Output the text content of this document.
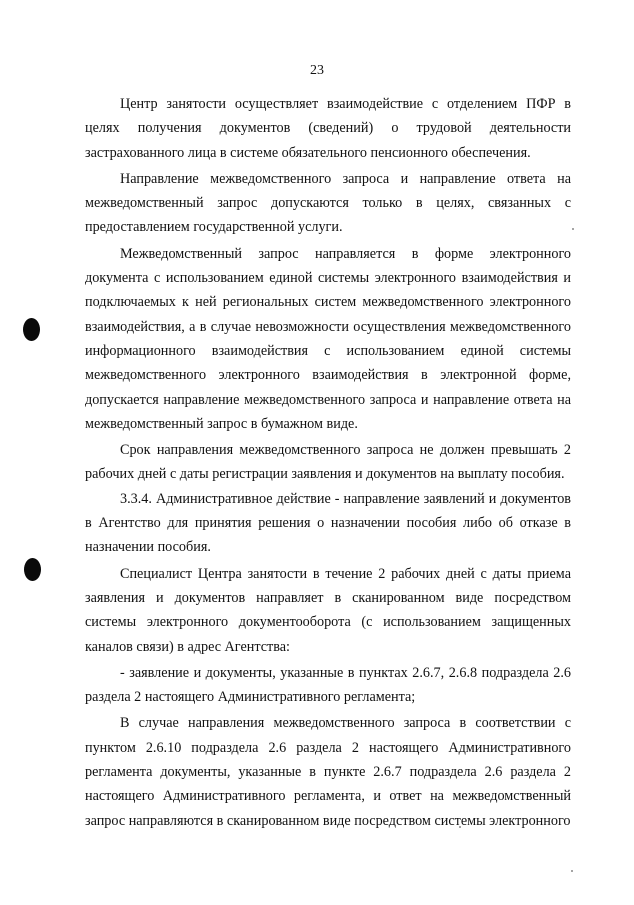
23

Центр занятости осуществляет взаимодействие с отделением ПФР в целях получения документов (сведений) о трудовой деятельности застрахованного лица в системе обязательного пенсионного обеспечения.

Направление межведомственного запроса и направление ответа на межведомственный запрос допускаются только в целях, связанных с предоставлением государственной услуги.

Межведомственный запрос направляется в форме электронного документа с использованием единой системы электронного взаимодействия и подключаемых к ней региональных систем межведомственного электронного взаимодействия, а в случае невозможности осуществления межведомственного информационного взаимодействия с использованием единой системы межведомственного электронного взаимодействия в электронной форме, допускается направление межведомственного запроса и направление ответа на межведомственный запрос в бумажном виде.

Срок направления межведомственного запроса не должен превышать 2 рабочих дней с даты регистрации заявления и документов на выплату пособия.

3.3.4. Административное действие - направление заявлений и документов в Агентство для принятия решения о назначении пособия либо об отказе в назначении пособия.

Специалист Центра занятости в течение 2 рабочих дней с даты приема заявления и документов направляет в сканированном виде посредством системы электронного документооборота (с использованием защищенных каналов связи) в адрес Агентства:

- заявление и документы, указанные в пунктах 2.6.7, 2.6.8 подраздела 2.6 раздела 2 настоящего Административного регламента;

В случае направления межведомственного запроса в соответствии с пунктом 2.6.10 подраздела 2.6 раздела 2 настоящего Административного регламента документы, указанные в пункте 2.6.7 подраздела 2.6 раздела 2 настоящего Административного регламента, и ответ на межведомственный запрос направляются в сканированном виде посредством системы электронного
